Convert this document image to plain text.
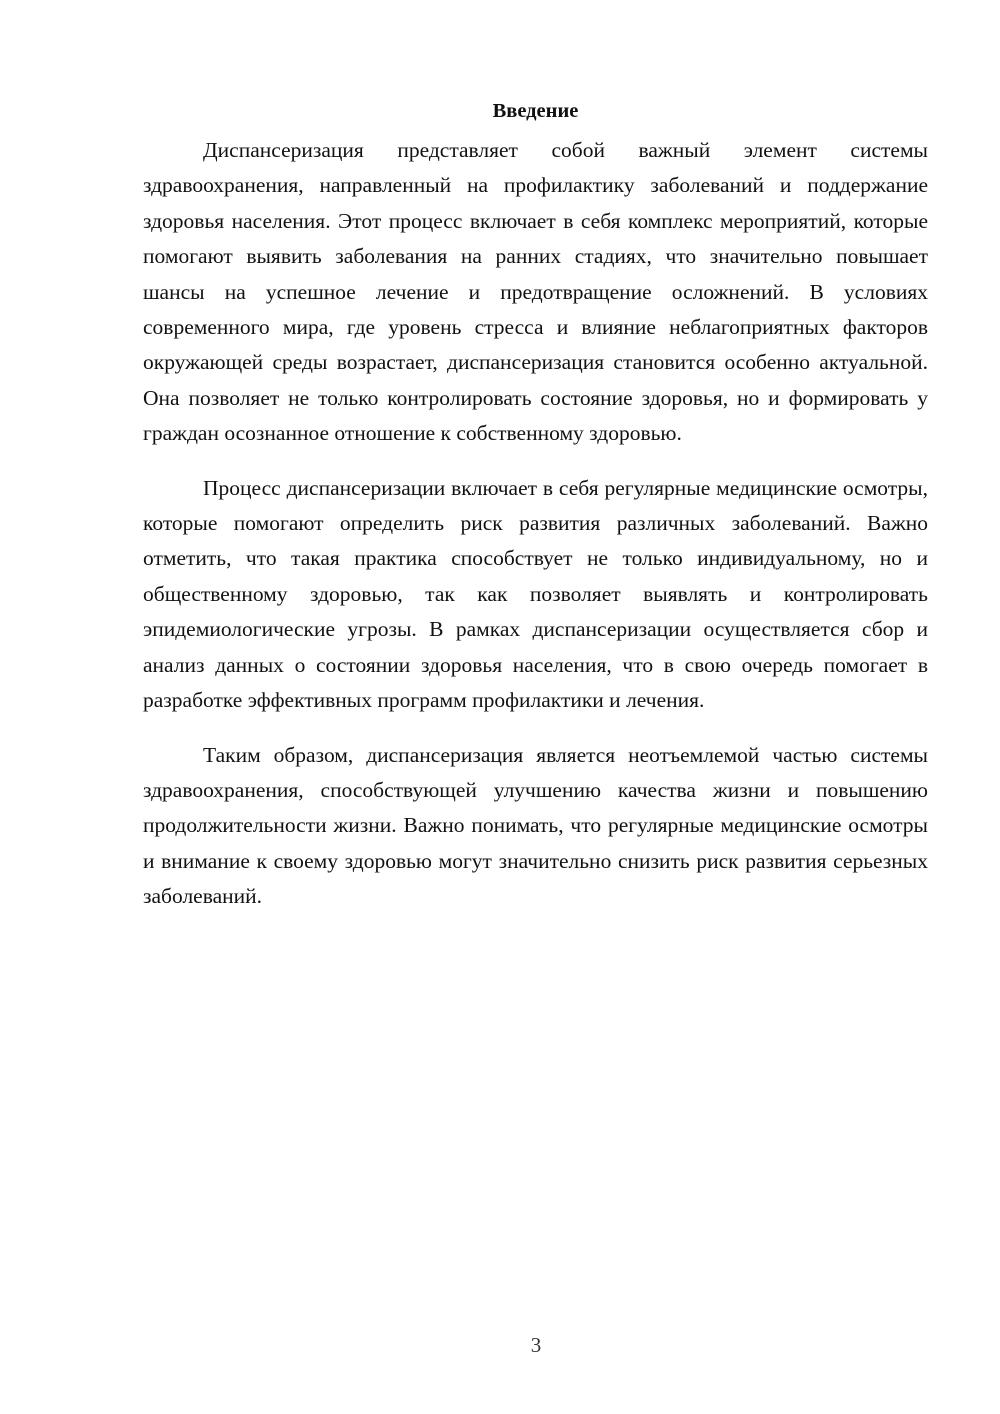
Введение

Диспансеризация представляет собой важный элемент системы здравоохранения, направленный на профилактику заболеваний и поддержание здоровья населения. Этот процесс включает в себя комплекс мероприятий, которые помогают выявить заболевания на ранних стадиях, что значительно повышает шансы на успешное лечение и предотвращение осложнений. В условиях современного мира, где уровень стресса и влияние неблагоприятных факторов окружающей среды возрастает, диспансеризация становится особенно актуальной. Она позволяет не только контролировать состояние здоровья, но и формировать у граждан осознанное отношение к собственному здоровью.

Процесс диспансеризации включает в себя регулярные медицинские осмотры, которые помогают определить риск развития различных заболеваний. Важно отметить, что такая практика способствует не только индивидуальному, но и общественному здоровью, так как позволяет выявлять и контролировать эпидемиологические угрозы. В рамках диспансеризации осуществляется сбор и анализ данных о состоянии здоровья населения, что в свою очередь помогает в разработке эффективных программ профилактики и лечения.

Таким образом, диспансеризация является неотъемлемой частью системы здравоохранения, способствующей улучшению качества жизни и повышению продолжительности жизни. Важно понимать, что регулярные медицинские осмотры и внимание к своему здоровью могут значительно снизить риск развития серьезных заболеваний.

3
